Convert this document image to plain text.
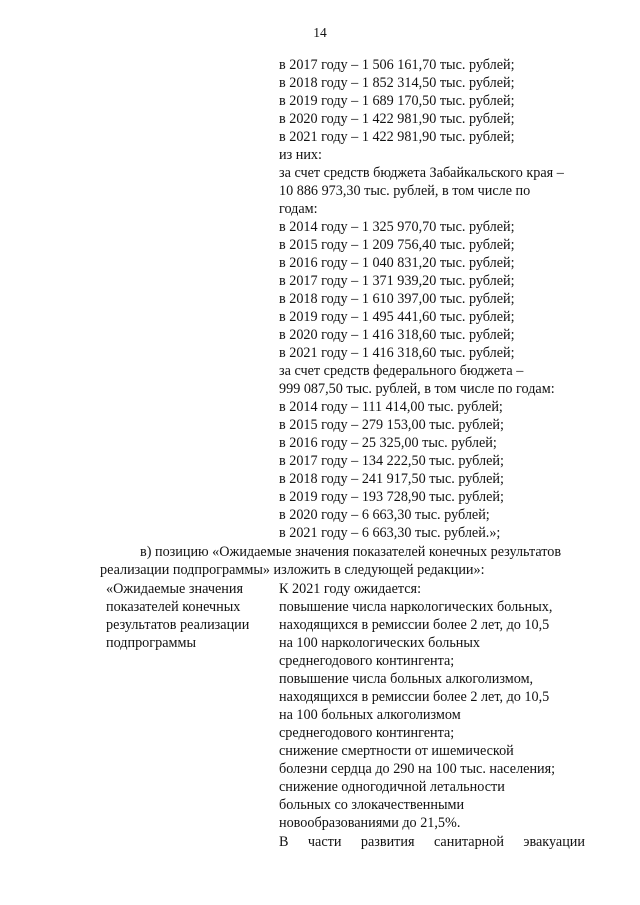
14
в 2017 году – 1 506 161,70 тыс. рублей;
в 2018 году – 1 852 314,50 тыс. рублей;
в 2019 году – 1 689 170,50 тыс. рублей;
в 2020 году – 1 422 981,90 тыс. рублей;
в 2021 году – 1 422 981,90 тыс. рублей;
из них:
за счет средств бюджета Забайкальского края –
10 886 973,30 тыс. рублей, в том числе по
годам:
в 2014 году – 1 325 970,70 тыс. рублей;
в 2015 году – 1 209 756,40 тыс. рублей;
в 2016 году – 1 040 831,20 тыс. рублей;
в 2017 году – 1 371 939,20 тыс. рублей;
в 2018 году – 1 610 397,00 тыс. рублей;
в 2019 году – 1 495 441,60 тыс. рублей;
в 2020 году – 1 416 318,60 тыс. рублей;
в 2021 году – 1 416 318,60 тыс. рублей;
за счет средств федерального бюджета –
999 087,50 тыс. рублей, в том числе по годам:
в 2014 году – 111 414,00 тыс. рублей;
в 2015 году – 279 153,00 тыс. рублей;
в 2016 году – 25 325,00 тыс. рублей;
в 2017 году – 134 222,50 тыс. рублей;
в 2018 году – 241 917,50 тыс. рублей;
в 2019 году – 193 728,90 тыс. рублей;
в 2020 году – 6 663,30 тыс. рублей;
в 2021 году – 6 663,30 тыс. рублей.»;
в) позицию «Ожидаемые значения показателей конечных результатов
реализации подпрограммы» изложить в следующей редакции»:
«Ожидаемые значения
показателей конечных
результатов реализации
подпрограммы
К 2021 году ожидается:
повышение числа наркологических больных,
находящихся в ремиссии более 2 лет, до 10,5
на 100 наркологических больных
среднегодового контингента;
повышение числа больных алкоголизмом,
находящихся в ремиссии более 2 лет, до 10,5
на 100 больных алкоголизмом
среднегодового контингента;
снижение смертности от ишемической
болезни сердца до 290 на 100 тыс. населения;
снижение одногодичной летальности
больных со злокачественными
новообразованиями до 21,5%.
В части развития санитарной эвакуации
